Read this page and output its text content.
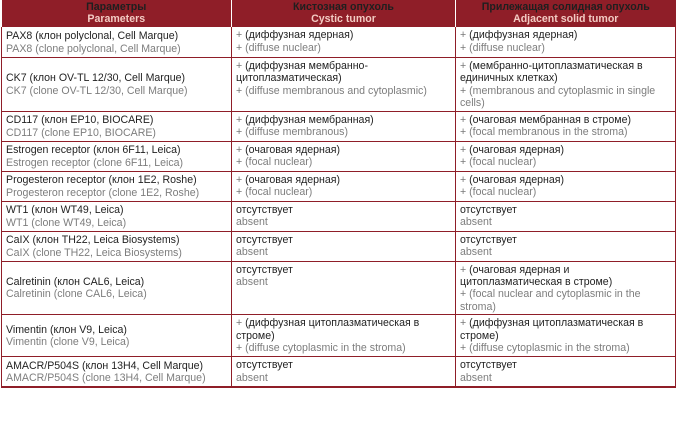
Параметры
Parameters	Кистозная опухоль
Cystic tumor	Прилежащая солидная опухоль
Adjacent solid tumor

PAX8 (клон polyclonal, Cell Marque)
PAX8 (clone polyclonal, Cell Marque)	+ (диффузная ядерная)
+ (diffuse nuclear)	+ (диффузная ядерная)
+ (diffuse nuclear)

CK7 (клон OV-TL 12/30, Cell Marque)
CK7 (clone OV-TL 12/30, Cell Marque)	+ (диффузная мембранно-цитоплазматическая)
+ (diffuse membranous and cytoplasmic)	+ (мембранно-цитоплазматическая в единичных клетках)
+ (membranous and cytoplasmic in single cells)

CD117 (клон EP10, BIOCARE)
CD117 (clone EP10, BIOCARE)	+ (диффузная мембранная)
+ (diffuse membranous)	+ (очаговая мембранная в строме)
+ (focal membranous in the stroma)

Estrogen receptor (клон 6F11, Leica)
Estrogen receptor (clone 6F11, Leica)	+ (очаговая ядерная)
+ (focal nuclear)	+ (очаговая ядерная)
+ (focal nuclear)

Progesteron receptor (клон 1E2, Roshe)
Progesteron receptor (clone 1E2, Roshe)	+ (очаговая ядерная)
+ (focal nuclear)	+ (очаговая ядерная)
+ (focal nuclear)

WT1 (клон WT49, Leica)
WT1 (clone WT49, Leica)	отсутствует
absent	отсутствует
absent

CaIX (клон TH22, Leica Biosystems)
CaIX (clone TH22, Leica Biosystems)	отсутствует
absent	отсутствует
absent

Calretinin (клон CAL6, Leica)
Calretinin (clone CAL6, Leica)	отсутствует
absent	+ (очаговая ядерная и цитоплазматическая в строме)
+ (focal nuclear and cytoplasmic in the stroma)

Vimentin (клон V9, Leica)
Vimentin (clone V9, Leica)	+ (диффузная цитоплазматическая в строме)
+ (diffuse cytoplasmic in the stroma)	+ (диффузная цитоплазматическая в строме)
+ (diffuse cytoplasmic in the stroma)

AMACR/P504S (клон 13H4, Cell Marque)
AMACR/P504S (clone 13H4, Cell Marque)	отсутствует
absent	отсутствует
absent
